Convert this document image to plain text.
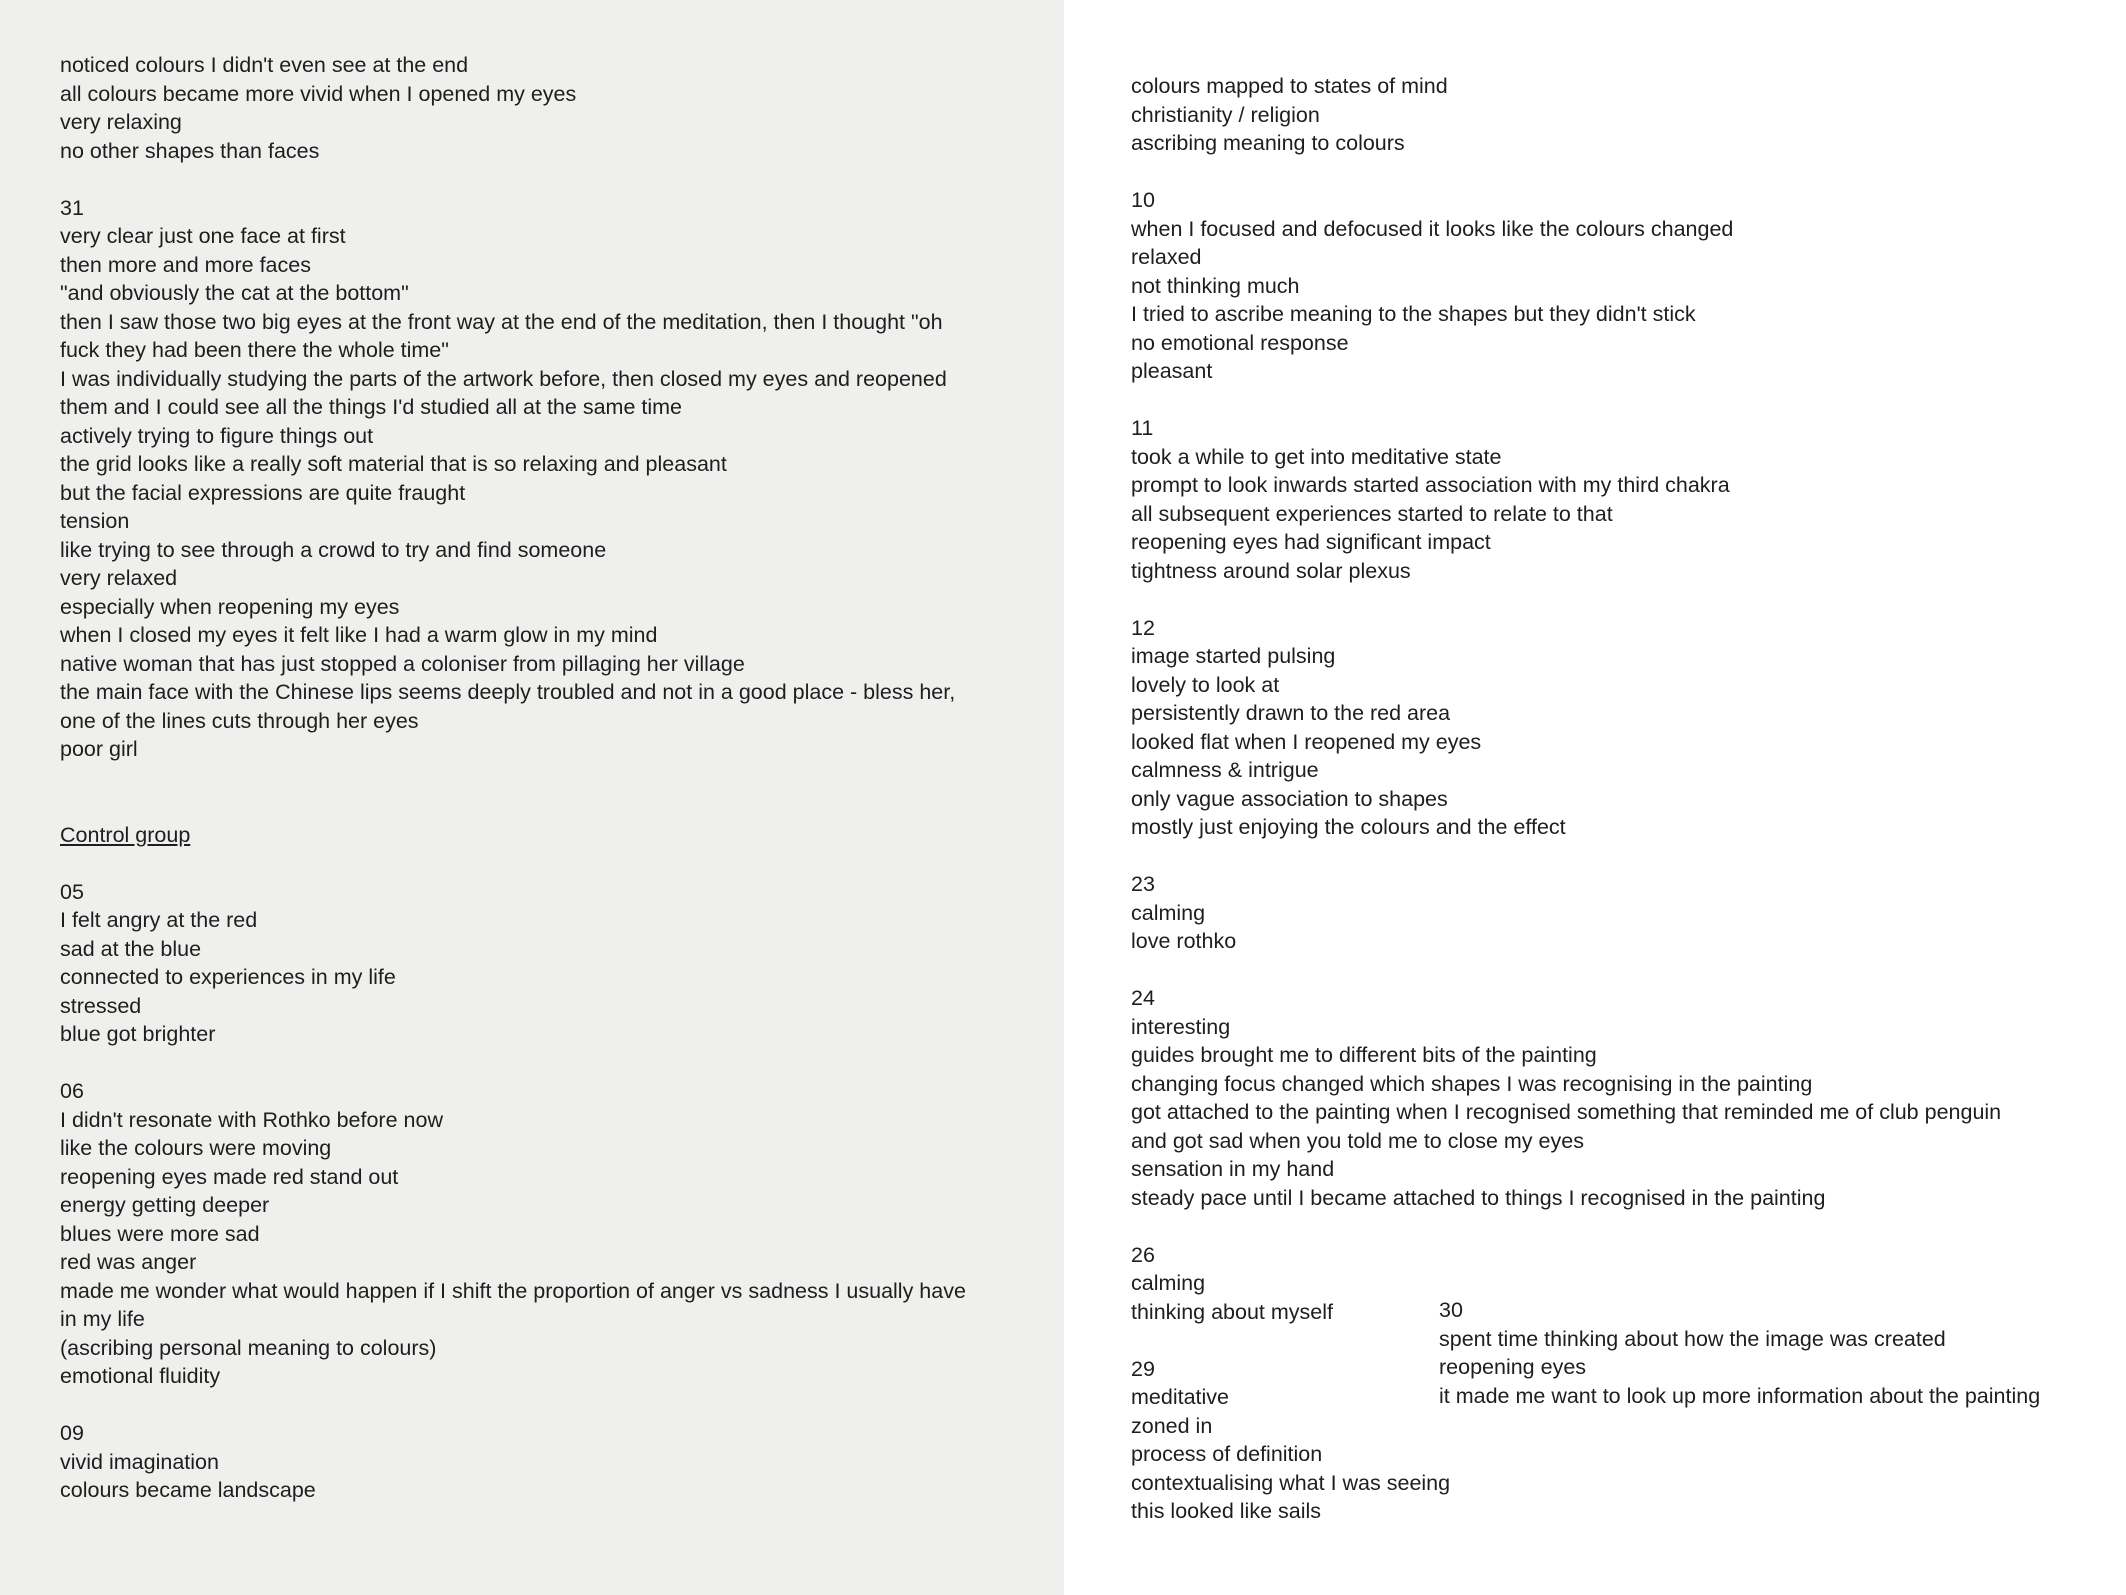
noticed colours I didn't even see at the end
all colours became more vivid when I opened my eyes
very relaxing
no other shapes than faces
31
very clear just one face at first
then more and more faces
"and obviously the cat at the bottom"
then I saw those two big eyes at the front way at the end of the meditation, then I thought "oh
fuck they had been there the whole time"
I was individually studying the parts of the artwork before, then closed my eyes and reopened
them and I could see all the things I'd studied all at the same time
actively trying to figure things out
the grid looks like a really soft material that is so relaxing and pleasant
but the facial expressions are quite fraught
tension
like trying to see through a crowd to try and find someone
very relaxed
especially when reopening my eyes
when I closed my eyes it felt like I had a warm glow in my mind
native woman that has just stopped a coloniser from pillaging her village
the main face with the Chinese lips seems deeply troubled and not in a good place - bless her,
one of the lines cuts through her eyes
poor girl
Control group
05
I felt angry at the red
sad at the blue
connected to experiences in my life
stressed
blue got brighter
06
I didn't resonate with Rothko before now
like the colours were moving
reopening eyes made red stand out
energy getting deeper
blues were more sad
red was anger
made me wonder what would happen if I shift the proportion of anger vs sadness I usually have
in my life
(ascribing personal meaning to colours)
emotional fluidity
09
vivid imagination
colours became landscape
colours mapped to states of mind
christianity / religion
ascribing meaning to colours
10
when I focused and defocused it looks like the colours changed
relaxed
not thinking much
I tried to ascribe meaning to the shapes but they didn't stick
no emotional response
pleasant
11
took a while to get into meditative state
prompt to look inwards started association with my third chakra
all subsequent experiences started to relate to that
reopening eyes had significant impact
tightness around solar plexus
12
image started pulsing
lovely to look at
persistently drawn to the red area
looked flat when I reopened my eyes
calmness & intrigue
only vague association to shapes
mostly just enjoying the colours and the effect
23
calming
love rothko
24
interesting
guides brought me to different bits of the painting
changing focus changed which shapes I was recognising in the painting
got attached to the painting when I recognised something that reminded me of club penguin
and got sad when you told me to close my eyes
sensation in my hand
steady pace until I became attached to things I recognised in the painting
26
calming
thinking about myself
29
meditative
zoned in
process of definition
contextualising what I was seeing
this looked like sails
30
spent time thinking about how the image was created
reopening eyes
it made me want to look up more information about the painting
